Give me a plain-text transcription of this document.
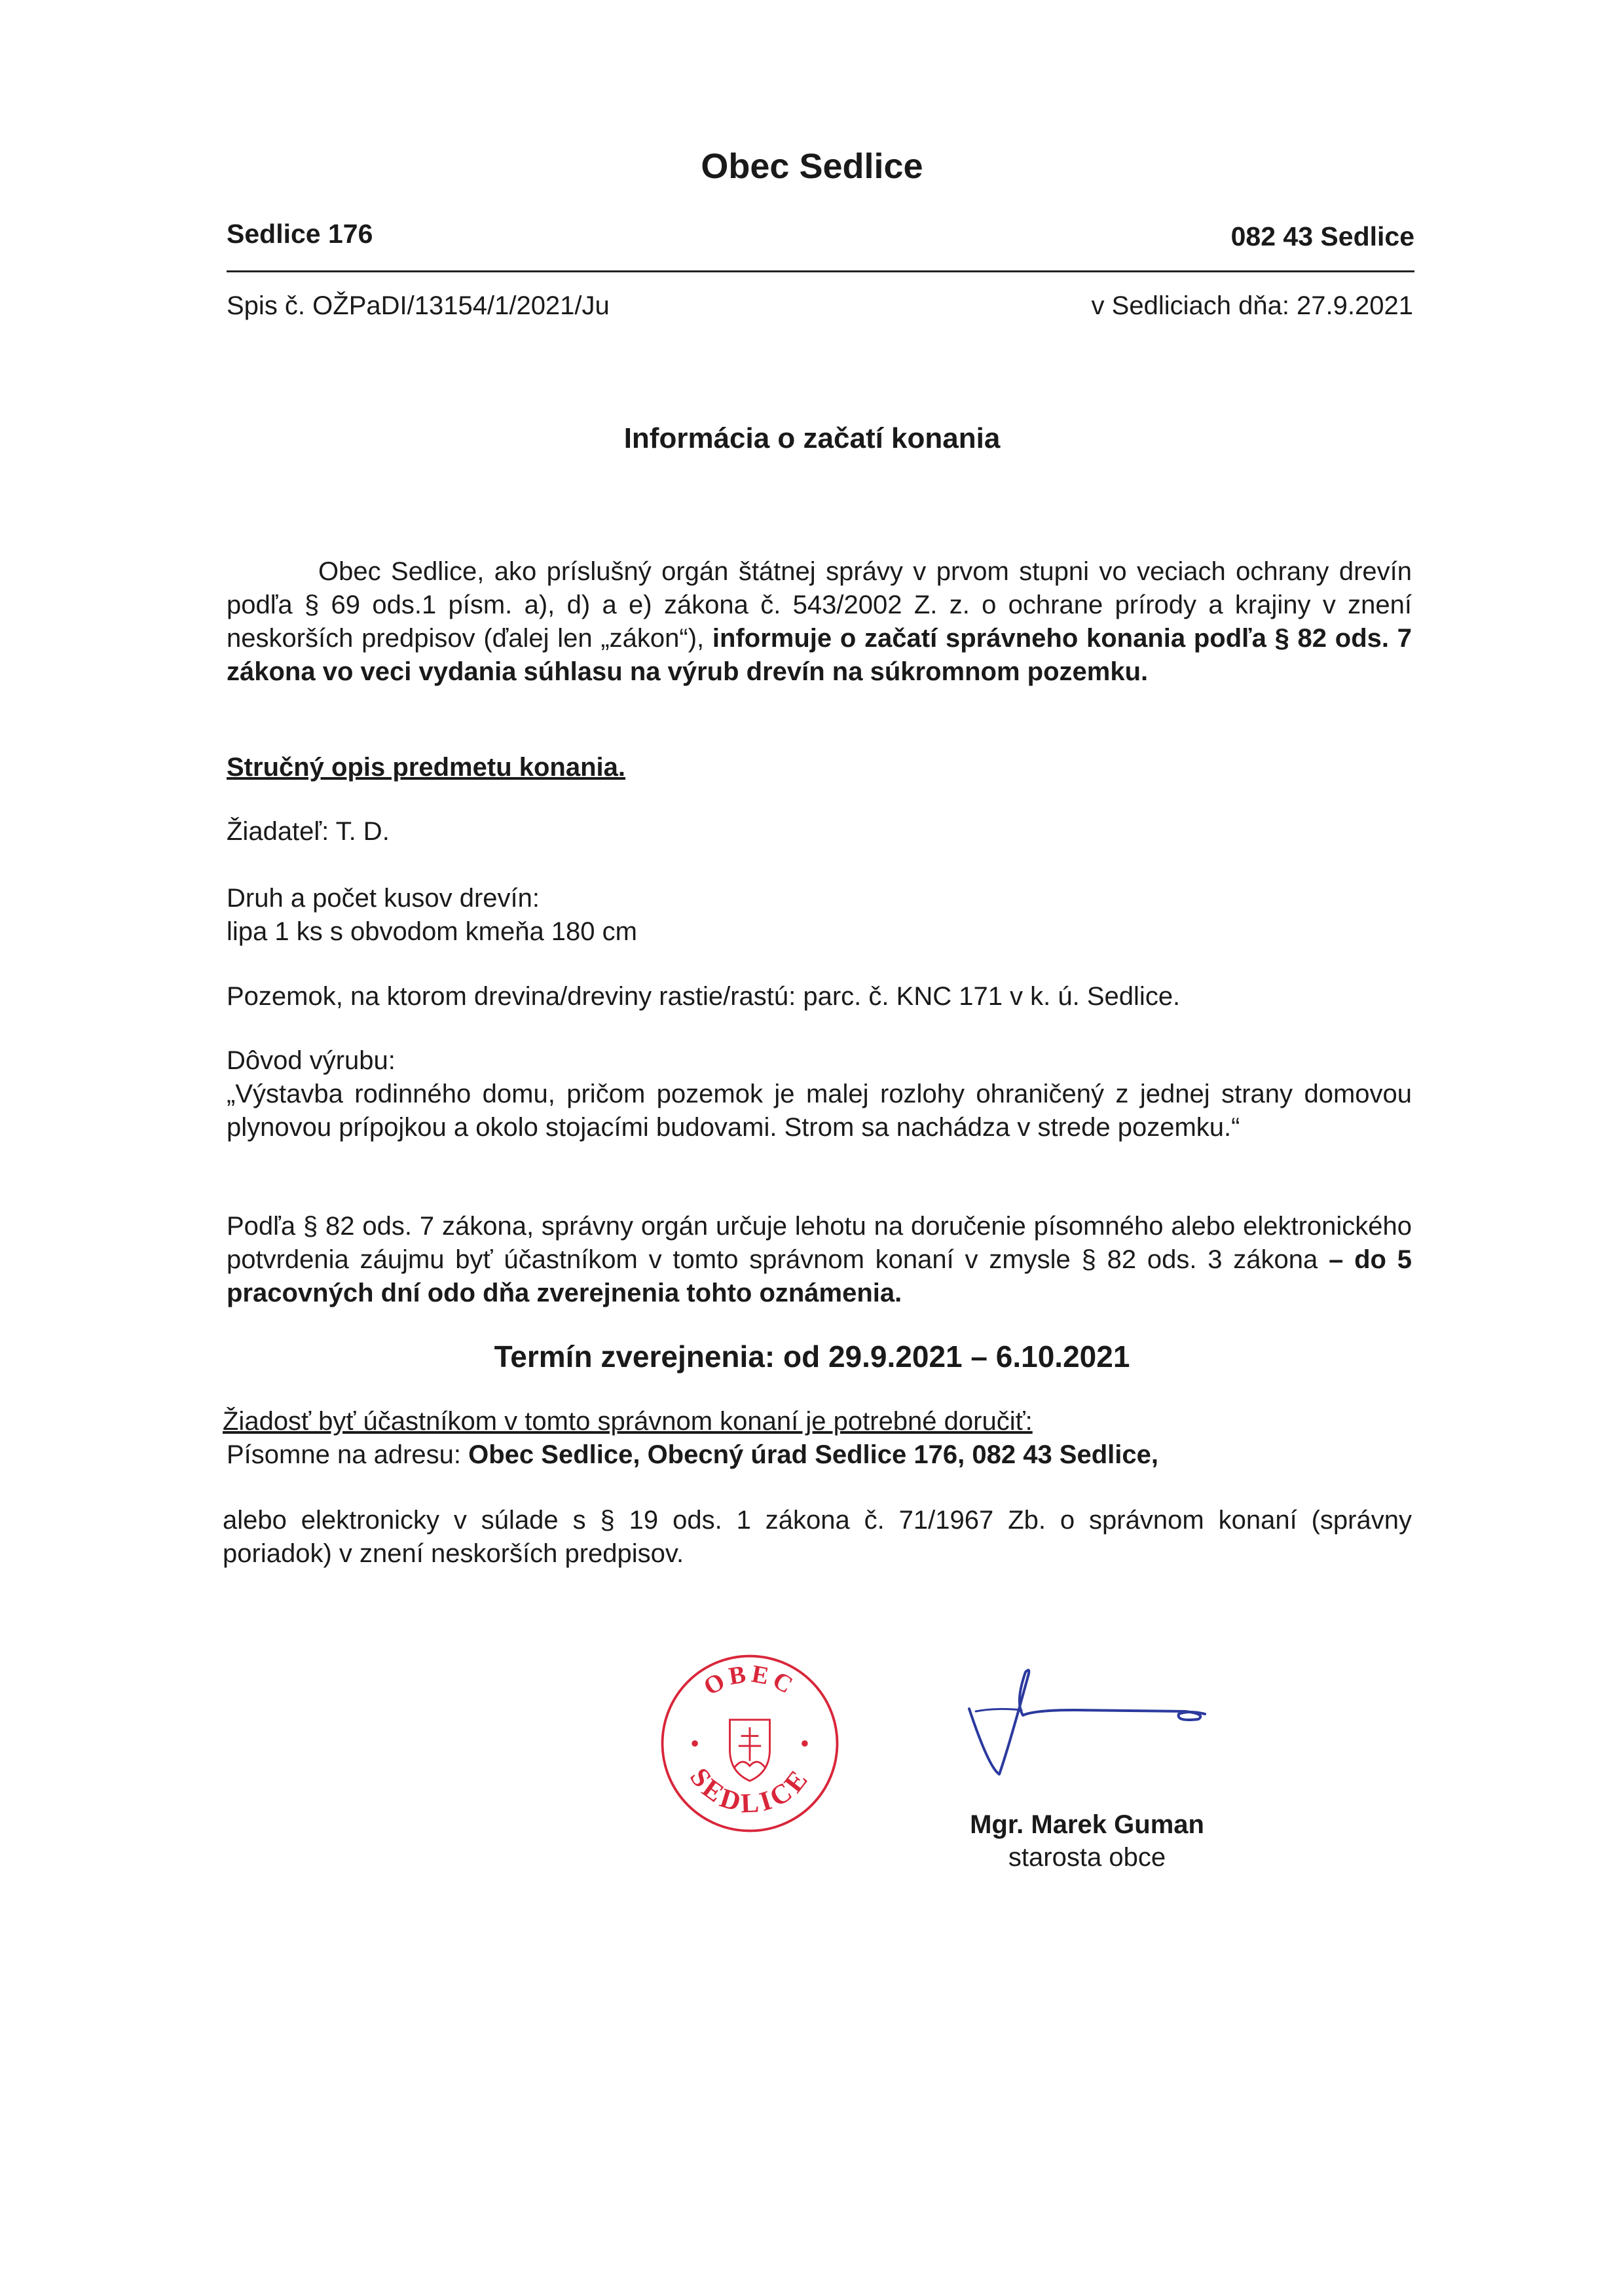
Obec Sedlice
Sedlice 176	082 43 Sedlice
Spis č. OŽPaDI/13154/1/2021/Ju	v Sedliciach dňa: 27.9.2021
Informácia o začatí konania
Obec Sedlice, ako príslušný orgán štátnej správy v prvom stupni vo veciach ochrany drevín podľa § 69 ods.1 písm. a), d) a e) zákona č. 543/2002 Z. z. o ochrane prírody a krajiny v znení neskorších predpisov (ďalej len „zákon“), informuje o začatí správneho konania podľa § 82 ods. 7 zákona vo veci vydania súhlasu na výrub drevín na súkromnom pozemku.
Stručný opis predmetu konania.
Žiadateľ: T. D.
Druh a počet kusov drevín:
lipa 1 ks s obvodom kmeňa 180 cm
Pozemok, na ktorom drevina/dreviny rastie/rastú: parc. č. KNC 171 v k. ú. Sedlice.
Dôvod výrubu:
„Výstavba rodinného domu, pričom pozemok je malej rozlohy ohraničený z jednej strany domovou plynovou prípojkou a okolo stojacími budovami. Strom sa nachádza v strede pozemku.“
Podľa § 82 ods. 7 zákona, správny orgán určuje lehotu na doručenie písomného alebo elektronického potvrdenia záujmu byť účastníkom v tomto správnom konaní v zmysle § 82 ods. 3 zákona – do 5 pracovných dní odo dňa zverejnenia tohto oznámenia.
Termín zverejnenia: od 29.9.2021 – 6.10.2021
Žiadosť byť účastníkom v tomto správnom konaní je potrebné doručiť:
Písomne na adresu: Obec Sedlice, Obecný úrad Sedlice 176, 082 43 Sedlice,
alebo elektronicky v súlade s § 19 ods. 1 zákona č. 71/1967 Zb. o správnom konaní (správny poriadok) v znení neskorších predpisov.
OBEC
SEDLICE
Mgr. Marek Guman
starosta obce
